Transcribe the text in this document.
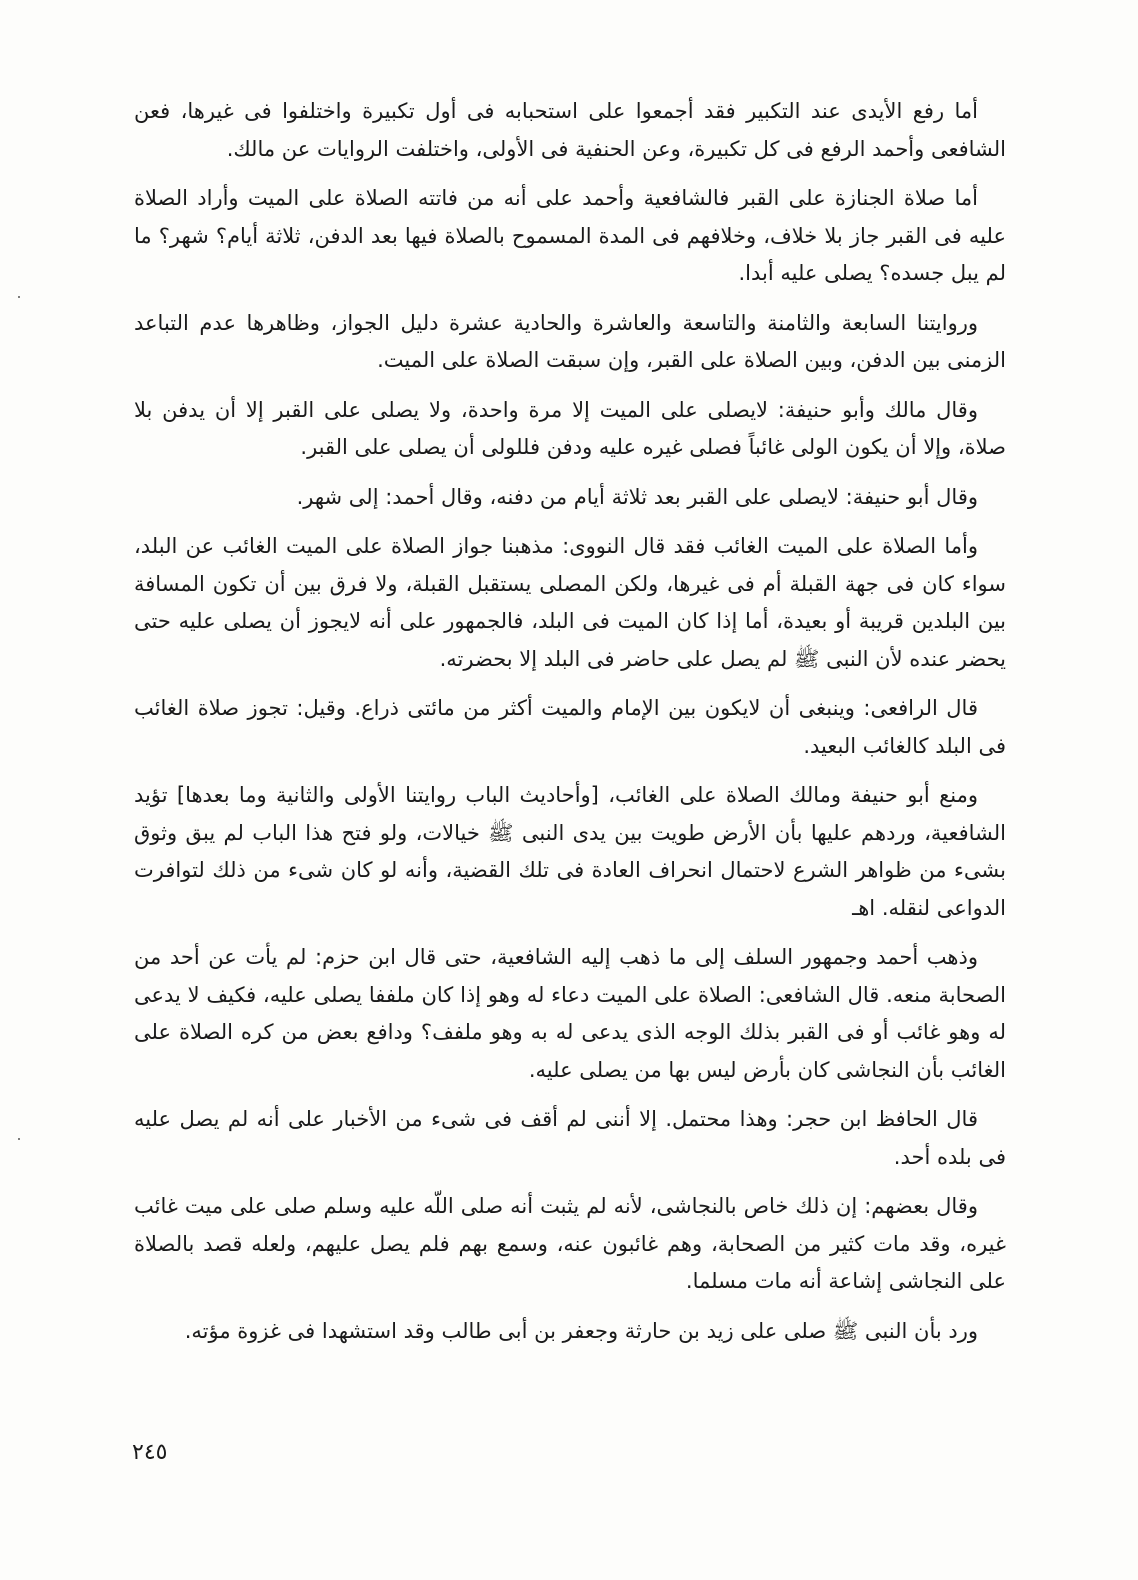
أما رفع الأيدى عند التكبير فقد أجمعوا على استحبابه فى أول تكبيرة واختلفوا فى غيرها، فعن الشافعى وأحمد الرفع فى كل تكبيرة، وعن الحنفية فى الأولى، واختلفت الروايات عن مالك.

أما صلاة الجنازة على القبر فالشافعية وأحمد على أنه من فاتته الصلاة على الميت وأراد الصلاة عليه فى القبر جاز بلا خلاف، وخلافهم فى المدة المسموح بالصلاة فيها بعد الدفن، ثلاثة أيام؟ شهر؟ ما لم يبل جسده؟ يصلى عليه أبدا.

وروايتنا السابعة والثامنة والتاسعة والعاشرة والحادية عشرة دليل الجواز، وظاهرها عدم التباعد الزمنى بين الدفن، وبين الصلاة على القبر، وإن سبقت الصلاة على الميت.

وقال مالك وأبو حنيفة: لايصلى على الميت إلا مرة واحدة، ولا يصلى على القبر إلا أن يدفن بلا صلاة، وإلا أن يكون الولى غائباً فصلى غيره عليه ودفن فللولى أن يصلى على القبر.

وقال أبو حنيفة: لايصلى على القبر بعد ثلاثة أيام من دفنه، وقال أحمد: إلى شهر.

وأما الصلاة على الميت الغائب فقد قال النووى: مذهبنا جواز الصلاة على الميت الغائب عن البلد، سواء كان فى جهة القبلة أم فى غيرها، ولكن المصلى يستقبل القبلة، ولا فرق بين أن تكون المسافة بين البلدين قريبة أو بعيدة، أما إذا كان الميت فى البلد، فالجمهور على أنه لايجوز أن يصلى عليه حتى يحضر عنده لأن النبى ﷺ لم يصل على حاضر فى البلد إلا بحضرته.

قال الرافعى: وينبغى أن لايكون بين الإمام والميت أكثر من مائتى ذراع. وقيل: تجوز صلاة الغائب فى البلد كالغائب البعيد.

ومنع أبو حنيفة ومالك الصلاة على الغائب، [وأحاديث الباب روايتنا الأولى والثانية وما بعدها] تؤيد الشافعية، وردهم عليها بأن الأرض طويت بين يدى النبى ﷺ خيالات، ولو فتح هذا الباب لم يبق وثوق بشىء من ظواهر الشرع لاحتمال انحراف العادة فى تلك القضية، وأنه لو كان شىء من ذلك لتوافرت الدواعى لنقله. اهـ

وذهب أحمد وجمهور السلف إلى ما ذهب إليه الشافعية، حتى قال ابن حزم: لم يأت عن أحد من الصحابة منعه. قال الشافعى: الصلاة على الميت دعاء له وهو إذا كان ملففا يصلى عليه، فكيف لا يدعى له وهو غائب أو فى القبر بذلك الوجه الذى يدعى له به وهو ملفف؟ ودافع بعض من كره الصلاة على الغائب بأن النجاشى كان بأرض ليس بها من يصلى عليه.

قال الحافظ ابن حجر: وهذا محتمل. إلا أننى لم أقف فى شىء من الأخبار على أنه لم يصل عليه فى بلده أحد.

وقال بعضهم: إن ذلك خاص بالنجاشى، لأنه لم يثبت أنه صلى اللّه عليه وسلم صلى على ميت غائب غيره، وقد مات كثير من الصحابة، وهم غائبون عنه، وسمع بهم فلم يصل عليهم، ولعله قصد بالصلاة على النجاشى إشاعة أنه مات مسلما.

ورد بأن النبى ﷺ صلى على زيد بن حارثة وجعفر بن أبى طالب وقد استشهدا فى غزوة مؤته.

٢٤٥
